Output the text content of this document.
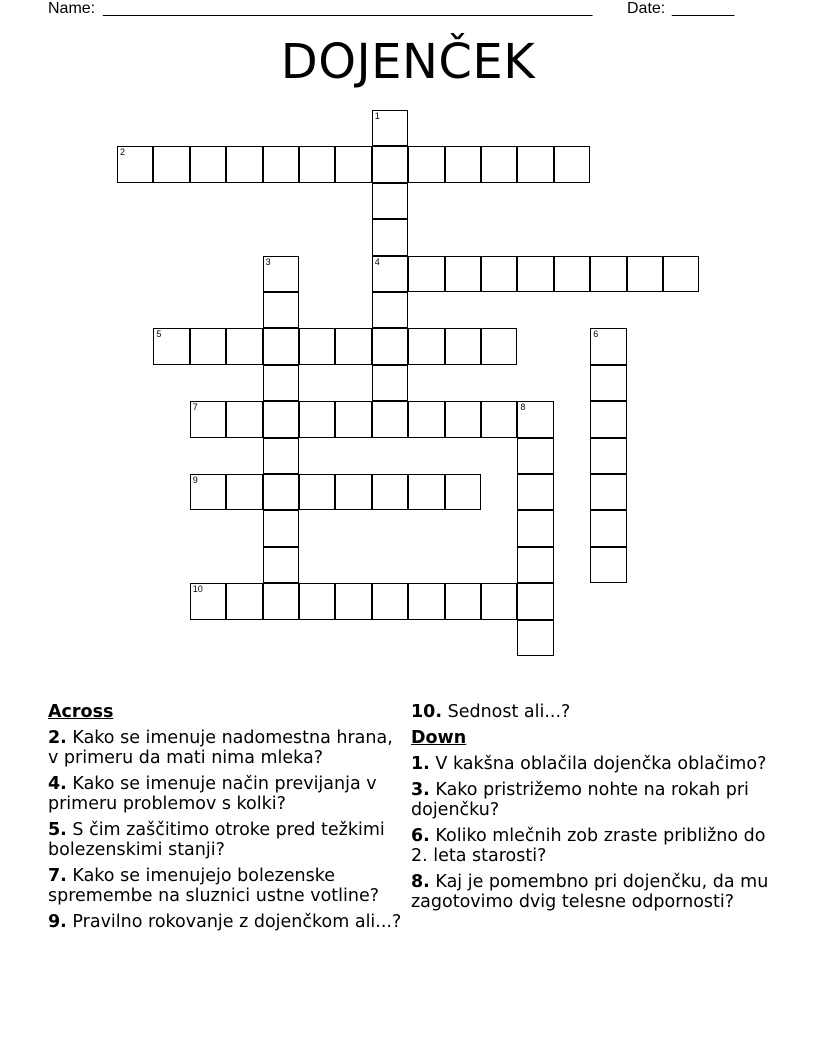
Name: _______________________________________________________ Date: _______
DOJENČEK
1
4
2
3
5	6
7	8
9
10
Across
2. Kako se imenuje nadomestna hrana, v primeru da mati nima mleka?
4. Kako se imenuje način previjanja v primeru problemov s kolki?
5. S čim zaščitimo otroke pred težkimi bolezenskimi stanji?
7. Kako se imenujejo bolezenske spremembe na sluznici ustne votline?
9. Pravilno rokovanje z dojenčkom ali...?
10. Sednost ali...?
Down
1. V kakšna oblačila dojenčka oblačimo?
3. Kako pristrižemo nohte na rokah pri dojenčku?
6. Koliko mlečnih zob zraste približno do 2. leta starosti?
8. Kaj je pomembno pri dojenčku, da mu zagotovimo dvig telesne odpornosti?
